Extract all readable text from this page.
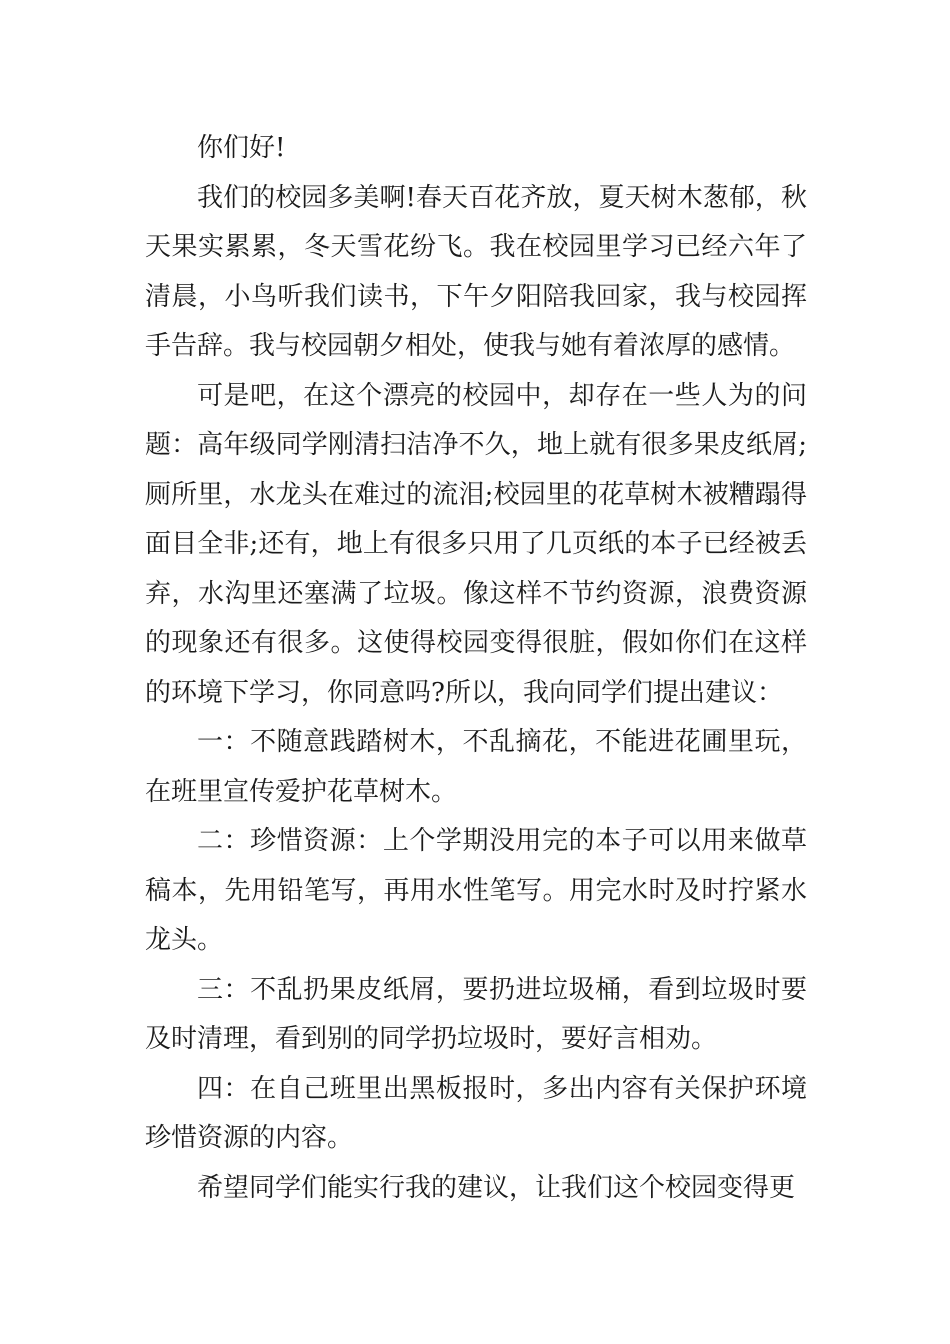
你们好!

我们的校园多美啊!春天百花齐放，夏天树木葱郁，秋天果实累累，冬天雪花纷飞。我在校园里学习已经六年了清晨，小鸟听我们读书，下午夕阳陪我回家，我与校园挥手告辞。我与校园朝夕相处，使我与她有着浓厚的感情。

可是吧，在这个漂亮的校园中，却存在一些人为的问题：高年级同学刚清扫洁净不久，地上就有很多果皮纸屑;厕所里，水龙头在难过的流泪;校园里的花草树木被糟蹋得面目全非;还有，地上有很多只用了几页纸的本子已经被丢弃，水沟里还塞满了垃圾。像这样不节约资源，浪费资源的现象还有很多。这使得校园变得很脏，假如你们在这样的环境下学习，你同意吗?所以，我向同学们提出建议：

一：不随意践踏树木，不乱摘花，不能进花圃里玩，在班里宣传爱护花草树木。

二：珍惜资源：上个学期没用完的本子可以用来做草稿本，先用铅笔写，再用水性笔写。用完水时及时拧紧水龙头。

三：不乱扔果皮纸屑，要扔进垃圾桶，看到垃圾时要及时清理，看到别的同学扔垃圾时，要好言相劝。

四：在自己班里出黑板报时，多出内容有关保护环境珍惜资源的内容。

希望同学们能实行我的建议，让我们这个校园变得更
